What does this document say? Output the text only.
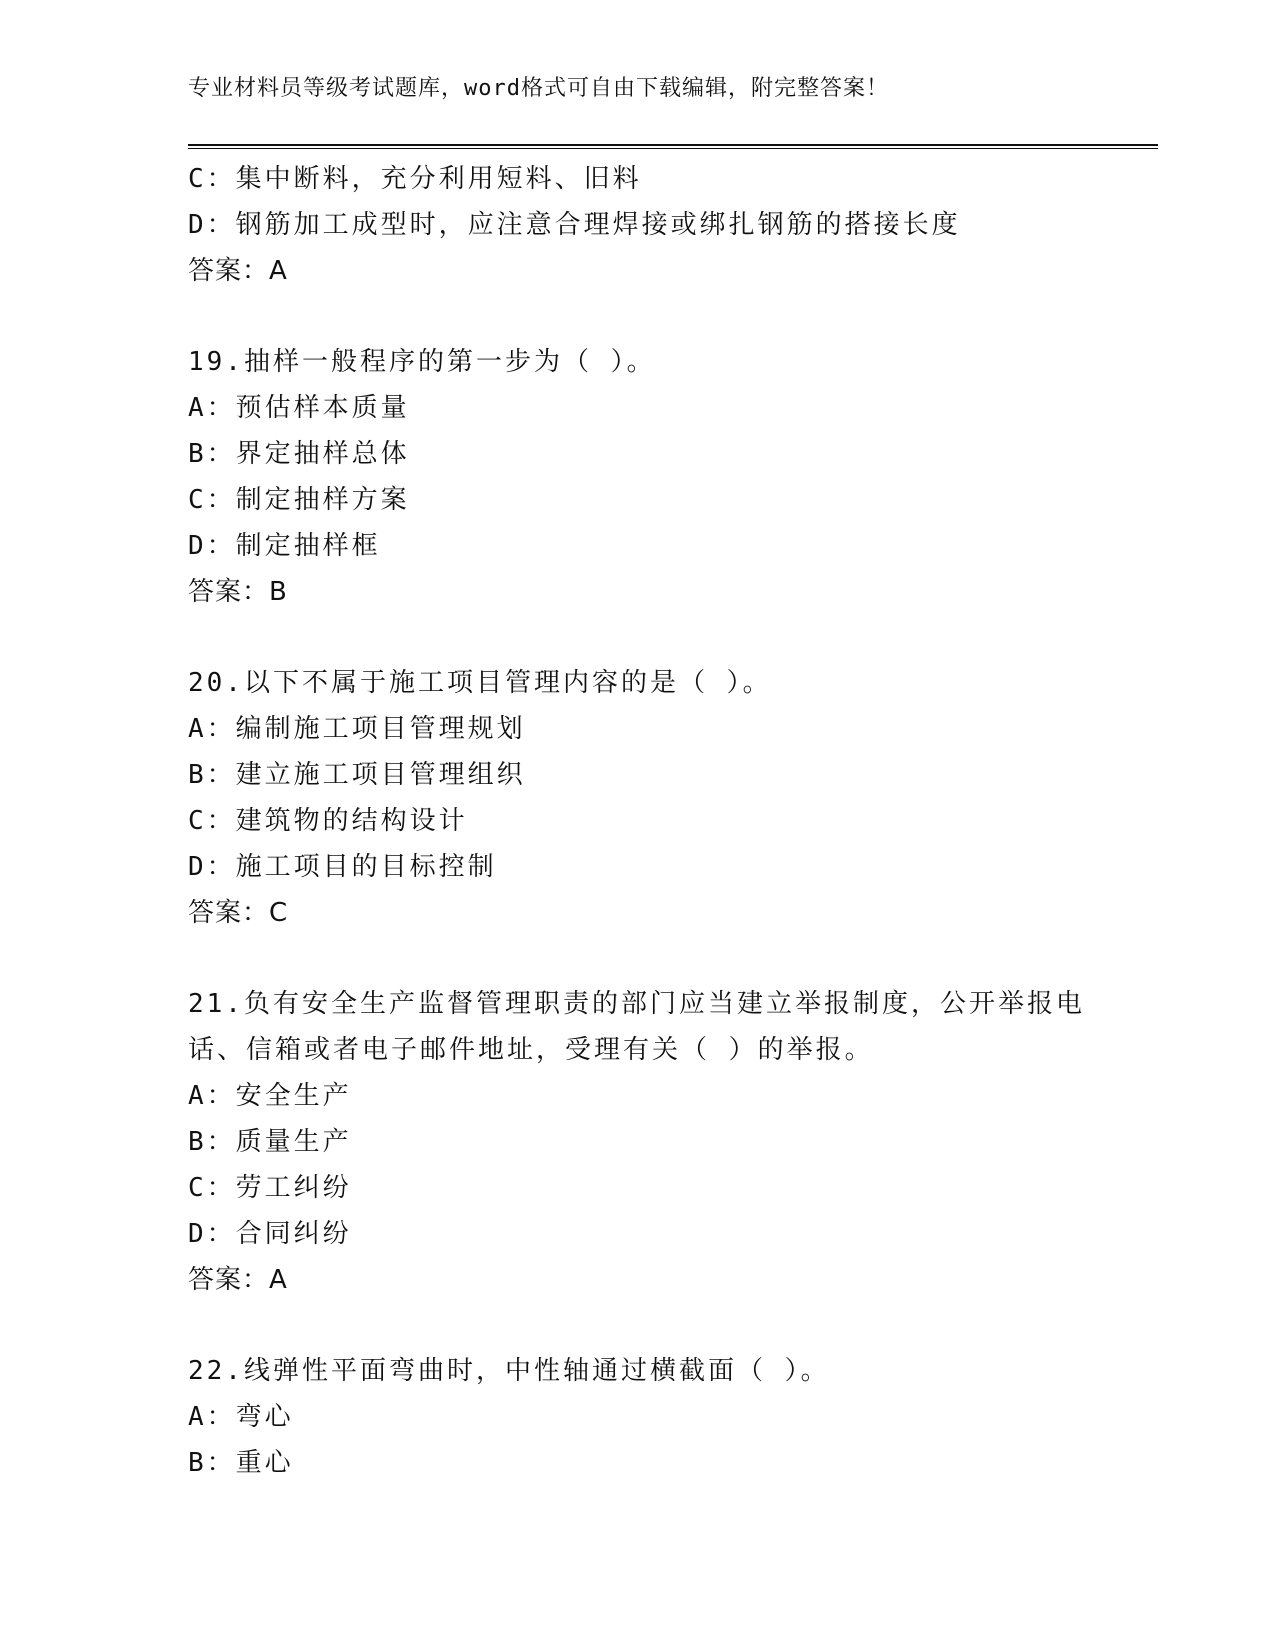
专业材料员等级考试题库，word格式可自由下载编辑，附完整答案！
C：集中断料，充分利用短料、旧料
D：钢筋加工成型时，应注意合理焊接或绑扎钢筋的搭接长度
答案：A
19.抽样一般程序的第一步为（ ）。
A：预估样本质量
B：界定抽样总体
C：制定抽样方案
D：制定抽样框
答案：B
20.以下不属于施工项目管理内容的是（ ）。
A：编制施工项目管理规划
B：建立施工项目管理组织
C：建筑物的结构设计
D：施工项目的目标控制
答案：C
21.负有安全生产监督管理职责的部门应当建立举报制度，公开举报电
话、信箱或者电子邮件地址，受理有关（ ）的举报。
A：安全生产
B：质量生产
C：劳工纠纷
D：合同纠纷
答案：A
22.线弹性平面弯曲时，中性轴通过横截面（ ）。
A：弯心
B：重心
